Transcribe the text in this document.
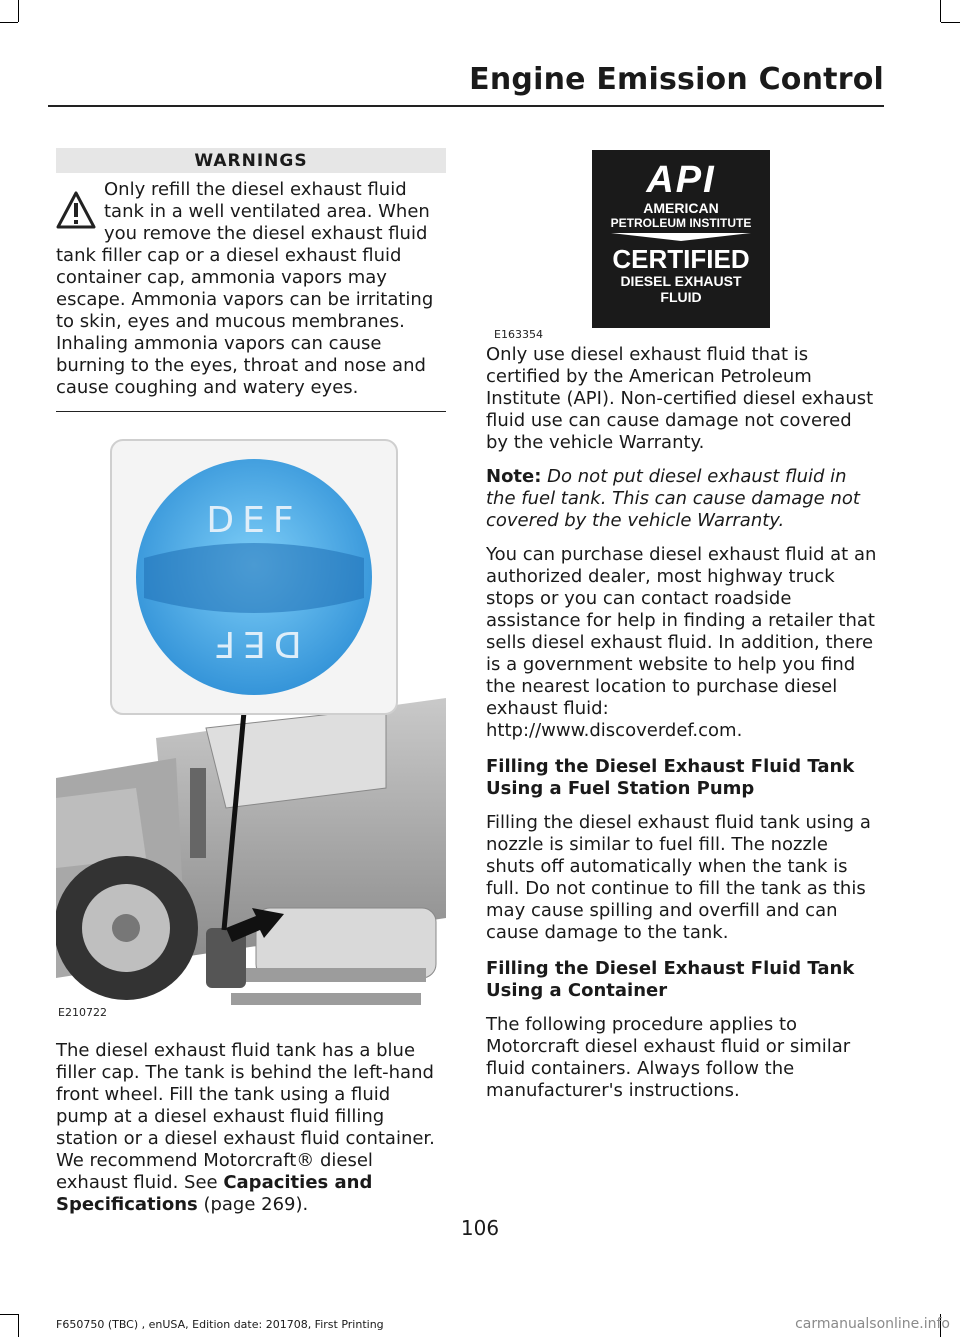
Engine Emission Control
WARNINGS

Only refill the diesel exhaust fluid tank in a well ventilated area. When you remove the diesel exhaust fluid tank filler cap or a diesel exhaust fluid container cap, ammonia vapors may escape. Ammonia vapors can be irritating to skin, eyes and mucous membranes. Inhaling ammonia vapors can cause burning to the eyes, throat and nose and cause coughing and watery eyes.

DEF
DEF
E210722

The diesel exhaust fluid tank has a blue filler cap. The tank is behind the left-hand front wheel. Fill the tank using a fluid pump at a diesel exhaust fluid filling station or a diesel exhaust fluid container. We recommend Motorcraft® diesel exhaust fluid. See Capacities and Specifications (page 269).

API
AMERICAN
PETROLEUM INSTITUTE
CERTIFIED
DIESEL EXHAUST
FLUID
E163354

Only use diesel exhaust fluid that is certified by the American Petroleum Institute (API). Non-certified diesel exhaust fluid use can cause damage not covered by the vehicle Warranty.

Note: Do not put diesel exhaust fluid in the fuel tank. This can cause damage not covered by the vehicle Warranty.

You can purchase diesel exhaust fluid at an authorized dealer, most highway truck stops or you can contact roadside assistance for help in finding a retailer that sells diesel exhaust fluid. In addition, there is a government website to help you find the nearest location to purchase diesel exhaust fluid:

http://www.discoverdef.com.

Filling the Diesel Exhaust Fluid Tank Using a Fuel Station Pump

Filling the diesel exhaust fluid tank using a nozzle is similar to fuel fill. The nozzle shuts off automatically when the tank is full. Do not continue to fill the tank as this may cause spilling and overfill and can cause damage to the tank.

Filling the Diesel Exhaust Fluid Tank Using a Container

The following procedure applies to Motorcraft diesel exhaust fluid or similar fluid containers. Always follow the manufacturer's instructions.

106
F650750 (TBC) , enUSA, Edition date: 201708, First Printing	carmanualsonline.info
